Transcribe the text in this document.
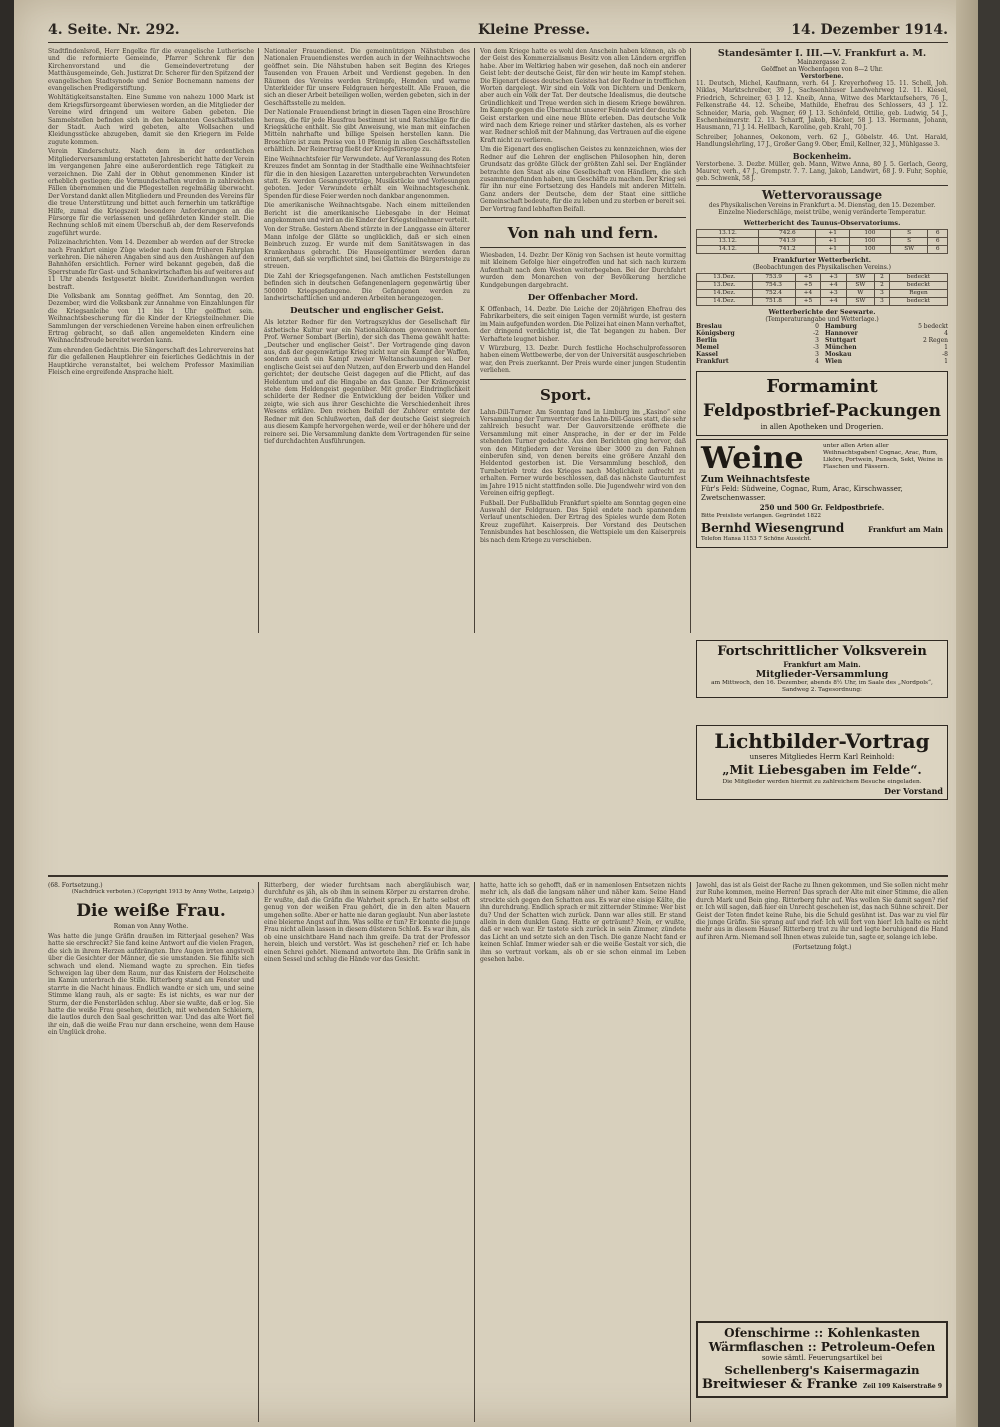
4. Seite. Nr. 292.	Kleine Presse.	14. Dezember 1914.

Stadtfindenlsroß, Herr Engelke für die evangelische Lutherische und die reformierte Gemeinde, Pfarrer Schrenk für den Kirchenvorstand und die Gemeindevertretung der Matthäusgemeinde, Geh. Justizrat Dr. Scherer für den Spitzend der evangelischen Stadtsynode und Senior Bocnemann namens der evangelischen Predigerstiftung.

Wohltätigkeitsanstalten. Eine Summe von nahezu 1000 Mark ist dem Kriegsfürsorgeamt überwiesen worden, an die Mitglieder der Vereine wird dringend um weitere Gaben gebeten. Die Sammelstellen befinden sich in den bekannten Geschäftsstellen der Stadt. Auch wird gebeten, alte Wollsachen und Kleidungsstücke abzugeben, damit sie den Kriegern im Felde zugute kommen.

Verein Kinderschutz. Nach dem in der ordentlichen Mitgliederversammlung erstatteten Jahresbericht hatte der Verein im vergangenen Jahre eine außerordentlich rege Tätigkeit zu verzeichnen. Die Zahl der in Obhut genommenen Kinder ist erheblich gestiegen; die Vormundschaften wurden in zahlreichen Fällen übernommen und die Pflegestellen regelmäßig überwacht. Der Vorstand dankt allen Mitgliedern und Freunden des Vereins für die treue Unterstützung und bittet auch fernerhin um tatkräftige Hilfe, zumal die Kriegszeit besondere Anforderungen an die Fürsorge für die verlassenen und gefährdeten Kinder stellt. Die Rechnung schloß mit einem Überschuß ab, der dem Reservefonds zugeführt wurde.

Polizeinachrichten. Vom 14. Dezember ab werden auf der Strecke nach Frankfurt einige Züge wieder nach dem früheren Fahrplan verkehren. Die näheren Angaben sind aus den Aushängen auf den Bahnhöfen ersichtlich. Ferner wird bekannt gegeben, daß die Sperrstunde für Gast- und Schankwirtschaften bis auf weiteres auf 11 Uhr abends festgesetzt bleibt. Zuwiderhandlungen werden bestraft.

Die Volksbank am Sonntag geöffnet. Am Sonntag, den 20. Dezember, wird die Volksbank zur Annahme von Einzahlungen für die Kriegsanleihe von 11 bis 1 Uhr geöffnet sein. Weihnachtsbescherung für die Kinder der Kriegsteilnehmer. Die Sammlungen der verschiedenen Vereine haben einen erfreulichen Ertrag gebracht, so daß allen angemeldeten Kindern eine Weihnachtsfreude bereitet werden kann.

Zum ehrenden Gedächtnis. Die Sängerschaft des Lehrervereins hat für die gefallenen Hauptlehrer ein feierliches Gedächtnis in der Hauptkirche veranstaltet, bei welchem Professor Maximilian Fleisch eine ergreifende Ansprache hielt.

Nationaler Frauendienst. Die gemeinnützigen Nähstuben des Nationalen Frauendienstes werden auch in der Weihnachtswoche geöffnet sein. Die Nähstuben haben seit Beginn des Krieges Tausenden von Frauen Arbeit und Verdienst gegeben. In den Räumen des Vereins werden Strümpfe, Hemden und warme Unterkleider für unsere Feldgrauen hergestellt. Alle Frauen, die sich an dieser Arbeit beteiligen wollen, werden gebeten, sich in der Geschäftsstelle zu melden.

Der Nationale Frauendienst bringt in diesen Tagen eine Broschüre heraus, die für jede Hausfrau bestimmt ist und Ratschläge für die Kriegsküche enthält. Sie gibt Anweisung, wie man mit einfachen Mitteln nahrhafte und billige Speisen herstellen kann. Die Broschüre ist zum Preise von 10 Pfennig in allen Geschäftsstellen erhältlich. Der Reinertrag fließt der Kriegsfürsorge zu.

Eine Weihnachtsfeier für Verwundete. Auf Veranlassung des Roten Kreuzes findet am Sonntag in der Stadthalle eine Weihnachtsfeier für die in den hiesigen Lazaretten untergebrachten Verwundeten statt. Es werden Gesangsvorträge, Musikstücke und Vorlesungen geboten. Jeder Verwundete erhält ein Weihnachtsgeschenk. Spenden für diese Feier werden noch dankbar angenommen.

Die amerikanische Weihnachtsgabe. Nach einem mitteilenden Bericht ist die amerikanische Liebesgabe in der Heimat angekommen und wird an die Kinder der Kriegsteilnehmer verteilt.

Von der Straße. Gestern Abend stürzte in der Langgasse ein älterer Mann infolge der Glätte so unglücklich, daß er sich einen Beinbruch zuzog. Er wurde mit dem Sanitätswagen in das Krankenhaus gebracht. Die Hauseigentümer werden daran erinnert, daß sie verpflichtet sind, bei Glatteis die Bürgersteige zu streuen.

Die Zahl der Kriegsgefangenen. Nach amtlichen Feststellungen befinden sich in deutschen Gefangenenlagern gegenwärtig über 500000 Kriegsgefangene. Die Gefangenen werden zu landwirtschaftlichen und anderen Arbeiten herangezogen.

Deutscher und englischer Geist.

Als letzter Redner für den Vortragszyklus der Gesellschaft für ästhetische Kultur war ein Nationalökonom gewonnen worden. Prof. Werner Sombart (Berlin), der sich das Thema gewählt hatte: „Deutscher und englischer Geist“. Der Vortragende ging davon aus, daß der gegenwärtige Krieg nicht nur ein Kampf der Waffen, sondern auch ein Kampf zweier Weltanschauungen sei. Der englische Geist sei auf den Nutzen, auf den Erwerb und den Handel gerichtet; der deutsche Geist dagegen auf die Pflicht, auf das Heldentum und auf die Hingabe an das Ganze. Der Krämergeist stehe dem Heldengeist gegenüber. Mit großer Eindringlichkeit schilderte der Redner die Entwicklung der beiden Völker und zeigte, wie sich aus ihrer Geschichte die Verschiedenheit ihres Wesens erkläre. Den reichen Beifall der Zuhörer erntete der Redner mit den Schlußworten, daß der deutsche Geist siegreich aus diesem Kampfe hervorgehen werde, weil er der höhere und der reinere sei. Die Versammlung dankte dem Vortragenden für seine tief durchdachten Ausführungen.

Von dem Kriege hatte es wohl den Anschein haben können, als ob der Geist des Kommerzialismus Besitz von allen Ländern ergriffen habe. Aber im Weltkrieg haben wir gesehen, daß noch ein anderer Geist lebt: der deutsche Geist, für den wir heute im Kampf stehen. Die Eigenart dieses deutschen Geistes hat der Redner in trefflichen Worten dargelegt. Wir sind ein Volk von Dichtern und Denkern, aber auch ein Volk der Tat. Der deutsche Idealismus, die deutsche Gründlichkeit und Treue werden sich in diesem Kriege bewähren. Im Kampfe gegen die Übermacht unserer Feinde wird der deutsche Geist erstarken und eine neue Blüte erleben. Das deutsche Volk wird nach dem Kriege reiner und stärker dastehen, als es vorher war. Redner schloß mit der Mahnung, das Vertrauen auf die eigene Kraft nicht zu verlieren.

Um die Eigenart des englischen Geistes zu kennzeichnen, wies der Redner auf die Lehren der englischen Philosophen hin, deren Grundsatz das größte Glück der größten Zahl sei. Der Engländer betrachte den Staat als eine Gesellschaft von Händlern, die sich zusammengefunden haben, um Geschäfte zu machen. Der Krieg sei für ihn nur eine Fortsetzung des Handels mit anderen Mitteln. Ganz anders der Deutsche, dem der Staat eine sittliche Gemeinschaft bedeute, für die zu leben und zu sterben er bereit sei. Der Vortrag fand lebhaften Beifall.

Von nah und fern.

Wiesbaden, 14. Dezbr. Der König von Sachsen ist heute vormittag mit kleinem Gefolge hier eingetroffen und hat sich nach kurzem Aufenthalt nach dem Westen weiterbegeben. Bei der Durchfahrt wurden dem Monarchen von der Bevölkerung herzliche Kundgebungen dargebracht.

Der Offenbacher Mord.

K Offenbach, 14. Dezbr. Die Leiche der 20jährigen Ehefrau des Fabrikarbeiters, die seit einigen Tagen vermißt wurde, ist gestern im Main aufgefunden worden. Die Polizei hat einen Mann verhaftet, der dringend verdächtig ist, die Tat begangen zu haben. Der Verhaftete leugnet bisher.

V Würzburg, 13. Dezbr. Durch festliche Hochschulprofessoren haben einem Wettbewerbe, der von der Universität ausgeschrieben war, den Preis zuerkannt. Der Preis wurde einer jungen Studentin verliehen.

Sport.

Lahn-Dill-Turner. Am Sonntag fand in Limburg im „Kasino“ eine Versammlung der Turnvertreter des Lahn-Dill-Gaues statt, die sehr zahlreich besucht war. Der Gauvorsitzende eröffnete die Versammlung mit einer Ansprache, in der er der im Felde stehenden Turner gedachte. Aus den Berichten ging hervor, daß von den Mitgliedern der Vereine über 3000 zu den Fahnen einberufen sind, von denen bereits eine größere Anzahl den Heldentod gestorben ist. Die Versammlung beschloß, den Turnbetrieb trotz des Krieges nach Möglichkeit aufrecht zu erhalten. Ferner wurde beschlossen, daß das nächste Gauturnfest im Jahre 1915 nicht stattfinden solle. Die Jugendwehr wird von den Vereinen eifrig gepflegt.

Fußball. Der Fußballklub Frankfurt spielte am Sonntag gegen eine Auswahl der Feldgrauen. Das Spiel endete nach spannendem Verlauf unentschieden. Der Ertrag des Spieles wurde dem Roten Kreuz zugeführt. Kaiserpreis. Der Vorstand des Deutschen Tennisbundes hat beschlossen, die Wettspiele um den Kaiserpreis bis nach dem Kriege zu verschieben.

Standesämter I. III.—V. Frankfurt a. M.
Mainzergasse 2.
Geöffnet an Wochentagen von 8—2 Uhr.
Verstorbene.

11. Deutsch, Michel, Kaufmann, verh. 64 J. Kreyerhofweg 15. 11. Schell, Joh. Niklas, Marktschreiber, 39 J., Sachsenhäuser Landwehrweg 12. 11. Kiesel, Friedrich, Schreiner, 63 J. 12. Kneib, Anna, Witwe des Marktaufsehers, 76 J., Felkenstraße 44. 12. Scheibe, Mathilde, Ehefrau des Schlossers, 43 J. 12. Schneider, Maria, geb. Wagner, 69 J. 13. Schönfeld, Ottilie, geb. Ludwig, 54 J., Eschenheimerstr. 12. 13. Scharff, Jakob, Bäcker, 58 J. 13. Hermann, Johann, Hausmann, 71 J. 14. Hellbach, Karoline, geb. Krahl, 70 J.

Schreiber, Johannes, Oekonom, verh. 62 J., Göbelstr. 46. Unt. Harald, Handlungslehrling, 17 J., Großer Gang 9. Ober, Emil, Kellner, 32 J., Mühlgasse 3.

Bockenheim.

Verstorbene. 3. Dezbr. Müller, geb. Mann, Witwe Anna, 80 J. 5. Gerlach, Georg, Maurer, verh., 47 J., Grempstr. 7. 7. Lang, Jakob, Landwirt, 68 J. 9. Fuhr, Sophie, geb. Schwenk, 58 J.

Wettervoraussage

des Physikalischen Vereins in Frankfurt a. M. Dienstag, den 15. Dezember. Einzelne Niederschläge, meist trübe, wenig veränderte Temperatur.

Wetterbericht des Taunus-Observatoriums.
13.12.	742.6	+1	100	S	6
13.12.	741.9	+1	100	S	6
14.12.	741.2	+1	100	SW	6
Frankfurter Wetterbericht.
(Beobachtungen des Physikalischen Vereins.)
13.Dez.	753.9	+5	+3	SW	2	bedeckt
13.Dez.	754.3	+5	+4	SW	2	bedeckt
14.Dez.	752.4	+4	+3	W	3	Regen
14.Dez.	751.8	+5	+4	SW	3	bedeckt
Wetterberichte der Seewarte.
(Temperaturangabe und Wetterlage.)
Breslau	0 Hamburg	5 bedeckt
Königsberg	-2 Hannover	4
Berlin	3 Stuttgart	2 Regen
Memel	-3 München	1
Kassel	3 Moskau	-8
Frankfurt	4 Wien	1
Formamint
Feldpostbrief-Packungen
in allen Apotheken und Drogerien.
Weine
Zum Weihnachtsfeste
unter allen Arten aller Weihnachtsgaben! Cognac, Arac, Rum, Liköre, Portwein, Punsch, Sekt, Weine in Flaschen und Fässern.
Für's Feld: Südweine, Cognac, Rum, Arac, Kirschwasser, Zwetschenwasser.
250 und 500 Gr. Feldpostbriefe.
Bitte Preisliste verlangen. Gegründet 1822
Bernhd Wiesengrund	Frankfurt am Main
Telefon Hansa 1153 7 Schöne Aussicht.
Fortschrittlicher Volksverein
Frankfurt am Main.
Mitglieder-Versammlung
am Mittwoch, den 16. Dezember, abends 8½ Uhr, im Saale des „Nordpols“, Sandweg 2. Tagesordnung:
Lichtbilder-Vortrag
unseres Mitgliedes Herrn Karl Reinhold:
„Mit Liebesgaben im Felde“.
Die Mitglieder werden hiermit zu zahlreichem Besuche eingeladen.
Der Vorstand
(68. Fortsetzung.)
(Nachdruck verboten.) (Copyright 1913 by Anny Wothe, Leipzig.)
Die weiße Frau.
Roman von Anny Wothe.

Was hatte die junge Gräfin draußen im Ritterjaal gesehen? Was hatte sie erschreckt? Sie fand keine Antwort auf die vielen Fragen, die sich in ihrem Herzen aufdrängten. Ihre Augen irrten angstvoll über die Gesichter der Männer, die sie umstanden. Sie fühlte sich schwach und elend. Niemand wagte zu sprechen. Ein tiefes Schweigen lag über dem Raum, nur das Knistern der Holzscheite im Kamin unterbrach die Stille. Ritterberg stand am Fenster und starrte in die Nacht hinaus. Endlich wandte er sich um, und seine Stimme klang rauh, als er sagte: Es ist nichts, es war nur der Sturm, der die Fensterläden schlug. Aber sie wußte, daß er log. Sie hatte die weiße Frau gesehen, deutlich, mit wehenden Schleiern, die lautlos durch den Saal geschritten war. Und das alte Wort fiel ihr ein, daß die weiße Frau nur dann erscheine, wenn dem Hause ein Unglück drohe.

Ritterberg, der wieder furchtsam nach abergläubisch war, durchfuhr es jäh, als ob ihm in seinem Körper zu erstarren drohe. Er wußte, daß die Gräfin die Wahrheit sprach. Er hatte selbst oft genug von der weißen Frau gehört, die in den alten Mauern umgehen sollte. Aber er hatte nie daran geglaubt. Nun aber lastete eine bleierne Angst auf ihm. Was sollte er tun? Er konnte die junge Frau nicht allein lassen in diesem düsteren Schloß. Es war ihm, als ob eine unsichtbare Hand nach ihm greife. Da trat der Professor herein, bleich und verstört. Was ist geschehen? rief er. Ich habe einen Schrei gehört. Niemand antwortete ihm. Die Gräfin sank in einen Sessel und schlug die Hände vor das Gesicht.

hatte, hatte ich so gehofft, daß er in namenlosen Entsetzen nichts mehr ich, als daß die langsam näher und näher kam. Seine Hand streckte sich gegen den Schatten aus. Es war eine eisige Kälte, die ihn durchdrang. Endlich sprach er mit zitternder Stimme: Wer bist du? Und der Schatten wich zurück. Dann war alles still. Er stand allein in dem dunklen Gang. Hatte er geträumt? Nein, er wußte, daß er wach war. Er tastete sich zurück in sein Zimmer, zündete das Licht an und setzte sich an den Tisch. Die ganze Nacht fand er keinen Schlaf. Immer wieder sah er die weiße Gestalt vor sich, die ihm so vertraut vorkam, als ob er sie schon einmal im Leben gesehen habe.

Jawohl, das ist als Geist der Rache zu Ihnen gekommen, und Sie sollen nicht mehr zur Ruhe kommen, meine Herren! Das sprach der Alte mit einer Stimme, die allen durch Mark und Bein ging. Ritterberg fuhr auf. Was wollen Sie damit sagen? rief er. Ich will sagen, daß hier ein Unrecht geschehen ist, das nach Sühne schreit. Der Geist der Toten findet keine Ruhe, bis die Schuld gesühnt ist. Das war zu viel für die junge Gräfin. Sie sprang auf und rief: Ich will fort von hier! Ich halte es nicht mehr aus in diesem Hause! Ritterberg trat zu ihr und legte beruhigend die Hand auf ihren Arm. Niemand soll Ihnen etwas zuleide tun, sagte er, solange ich lebe.

(Fortsetzung folgt.)
Ofenschirme :: Kohlenkasten
Wärmflaschen :: Petroleum-Oefen
sowie sämtl. Feuerungsartikel bei
Schellenberg's Kaisermagazin
Breitwieser & Franke Zeil 109 Kaiserstraße 9
